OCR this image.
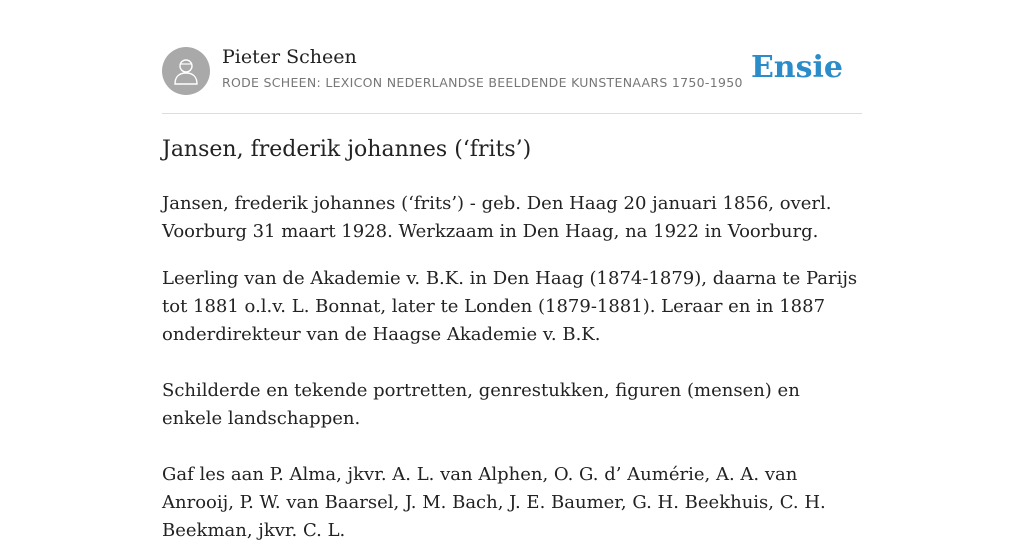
Pieter Scheen
RODE SCHEEN: LEXICON NEDERLANDSE BEELDENDE KUNSTENAARS 1750-1950 Ensie
Jansen, frederik johannes (‘frits’)

Jansen, frederik johannes (‘frits’) - geb. Den Haag 20 januari 1856, overl. Voorburg 31 maart 1928. Werkzaam in Den Haag, na 1922 in Voorburg.

Leerling van de Akademie v. B.K. in Den Haag (1874-1879), daarna te Parijs tot 1881 o.l.v. L. Bonnat, later te Londen (1879-1881). Leraar en in 1887 onderdirekteur van de Haagse Akademie v. B.K.

Schilderde en tekende portretten, genrestukken, figuren (mensen) en enkele landschappen.

Gaf les aan P. Alma, jkvr. A. L. van Alphen, O. G. d’ Aumérie, A. A. van Anrooij, P. W. van Baarsel, J. M. Bach, J. E. Baumer, G. H. Beekhuis, C. H. Beekman, jkvr. C. L.
